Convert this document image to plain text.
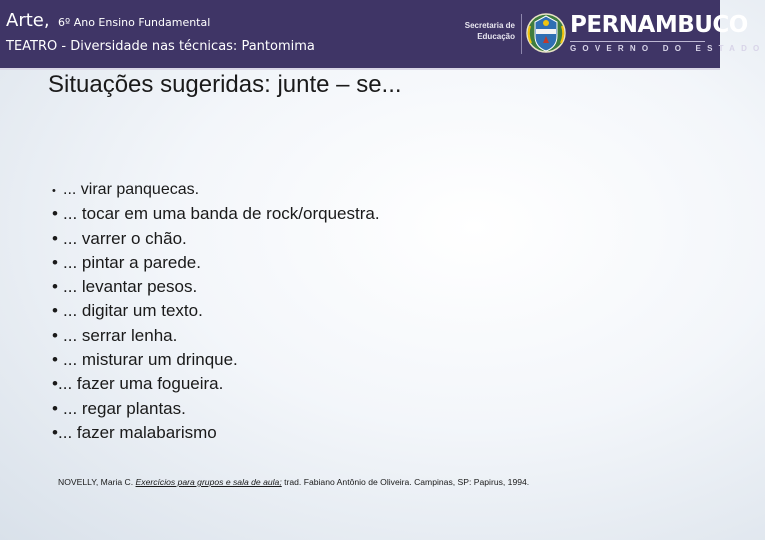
Arte, 6º Ano Ensino Fundamental
TEATRO - Diversidade nas técnicas: Pantomima
Secretaria de
Educação PERNAMBUCO
GOVERNO DO ESTADO
Situações sugeridas: junte – se...
• ... virar panquecas.
• ... tocar em uma banda de rock/orquestra.
• ... varrer o chão.
• ... pintar a parede.
• ... levantar pesos.
• ... digitar um texto.
• ... serrar lenha.
• ... misturar um drinque.
•... fazer uma fogueira.
• ... regar plantas.
•... fazer malabarismo
NOVELLY, Maria C. Exercícios para grupos e sala de aula; trad. Fabiano Antônio de Oliveira. Campinas, SP: Papirus, 1994.
